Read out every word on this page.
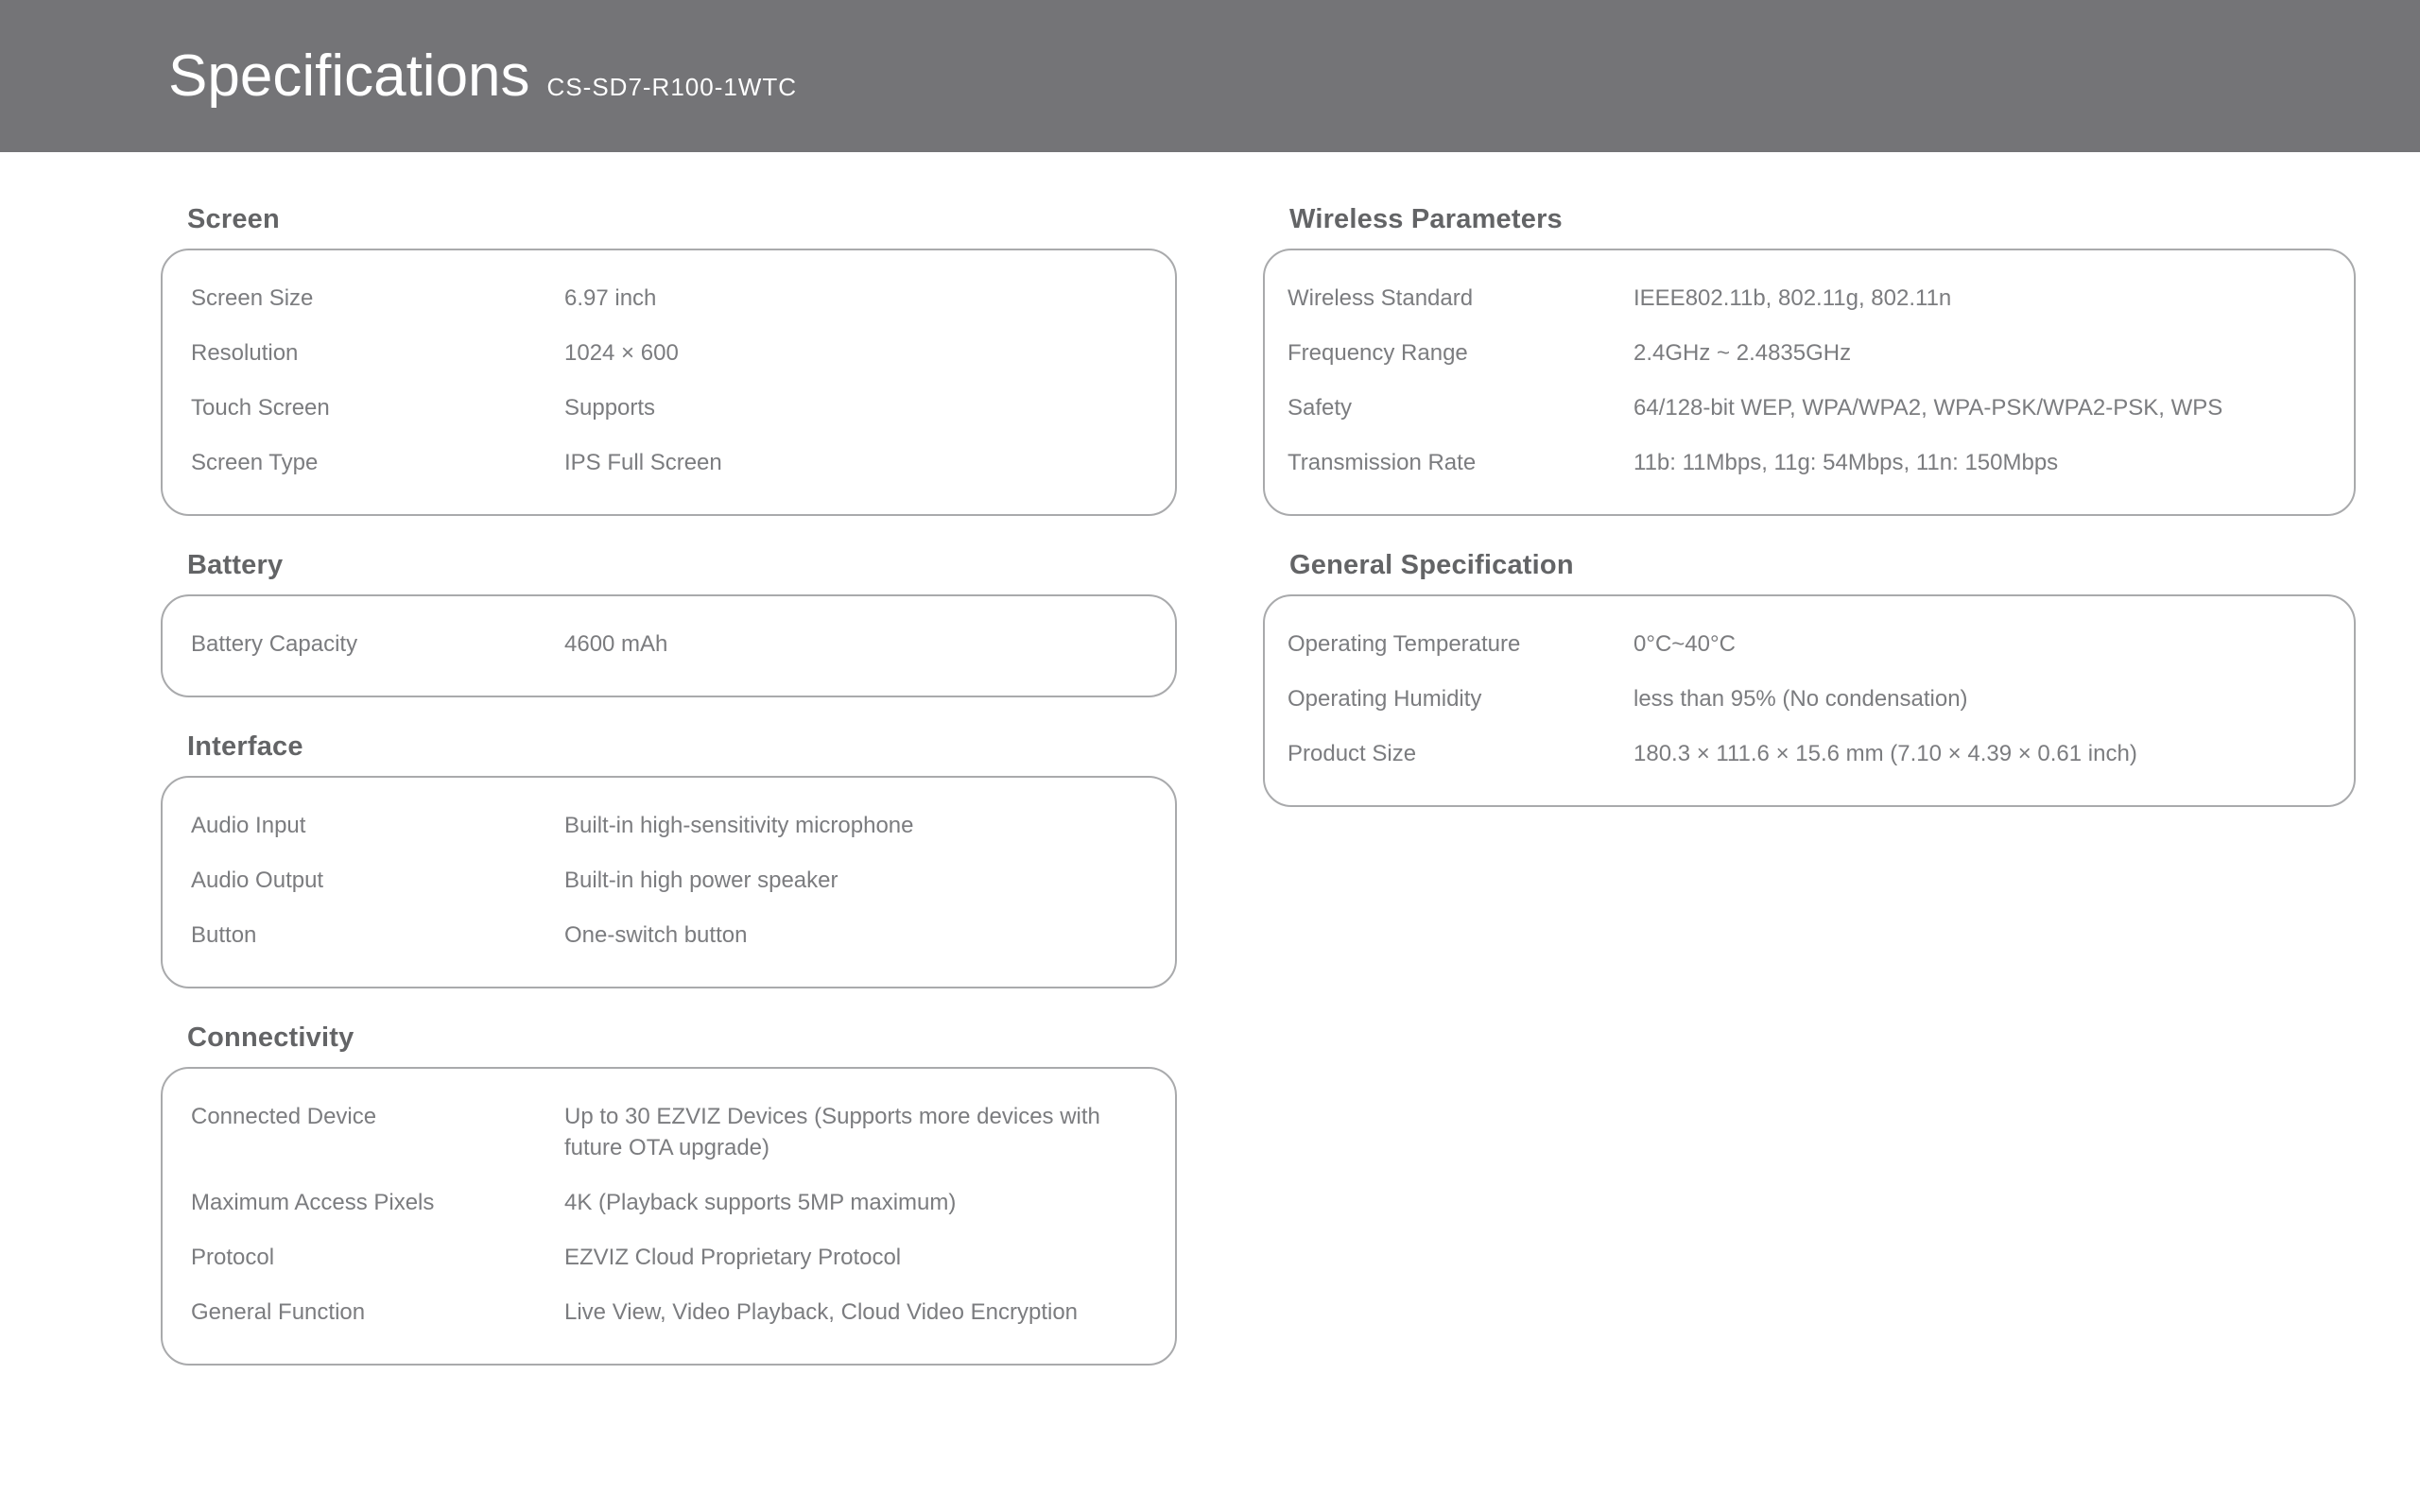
Specifications CS-SD7-R100-1WTC
Screen
Screen Size	6.97 inch
Resolution	1024 × 600
Touch Screen	Supports
Screen Type	IPS Full Screen
Battery
Battery Capacity	4600 mAh
Interface
Audio Input	Built-in high-sensitivity microphone
Audio Output	Built-in high power speaker
Button	One-switch button
Connectivity
Connected Device	Up to 30 EZVIZ Devices (Supports more devices with future OTA upgrade)
Maximum Access Pixels	4K (Playback supports 5MP maximum)
Protocol	EZVIZ Cloud Proprietary Protocol
General Function	Live View, Video Playback, Cloud Video Encryption
Wireless Parameters
Wireless Standard	IEEE802.11b, 802.11g, 802.11n
Frequency Range	2.4GHz ~ 2.4835GHz
Safety	64/128-bit WEP, WPA/WPA2, WPA-PSK/WPA2-PSK, WPS
Transmission Rate	11b: 11Mbps, 11g: 54Mbps, 11n: 150Mbps
General Specification
Operating Temperature	0°C~40°C
Operating Humidity	less than 95% (No condensation)
Product Size	180.3 × 111.6 × 15.6 mm (7.10 × 4.39 × 0.61 inch)
